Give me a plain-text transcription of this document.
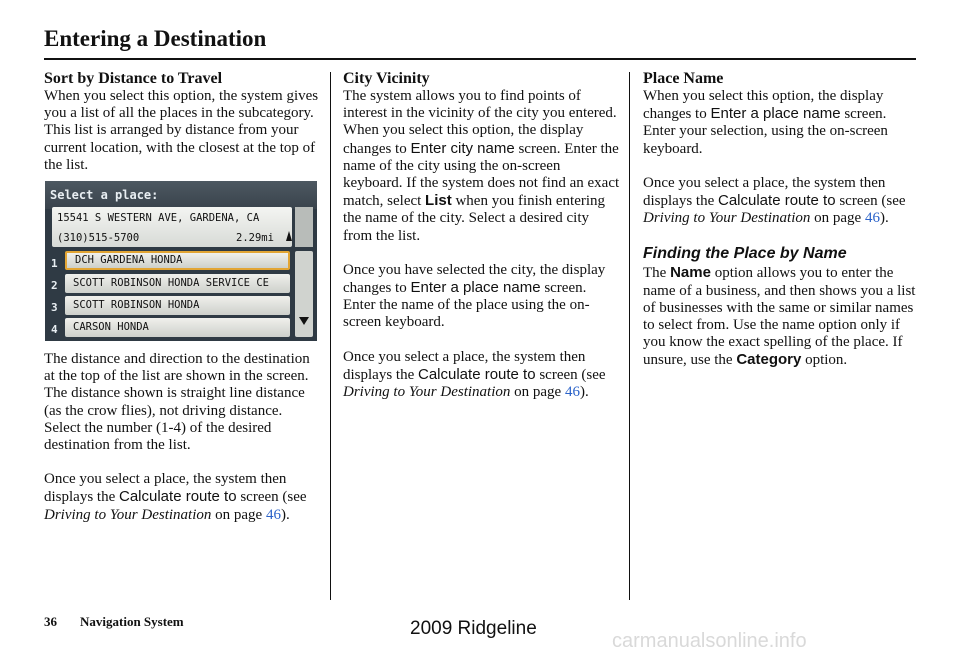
Entering a Destination
Sort by Distance to Travel

When you select this option, the system gives you a list of all the places in the subcategory. This list is arranged by distance from your current location, with the closest at the top of the list.

Select a place:
15541 S WESTERN AVE, GARDENA, CA
(310)515-5700	2.29mi
1	DCH GARDENA HONDA
2	SCOTT ROBINSON HONDA SERVICE CE
3	SCOTT ROBINSON HONDA
4	CARSON HONDA

The distance and direction to the destination at the top of the list are shown in the screen. The distance shown is straight line distance (as the crow flies), not driving distance. Select the number (1-4) of the desired destination from the list.

Once you select a place, the system then displays the Calculate route to screen (see Driving to Your Destination on page 46).

City Vicinity

The system allows you to find points of interest in the vicinity of the city you entered. When you select this option, the display changes to Enter city name screen. Enter the name of the city using the on-screen keyboard. If the system does not find an exact match, select List when you finish entering the name of the city. Select a desired city from the list.

Once you have selected the city, the display changes to Enter a place name screen. Enter the name of the place using the on-screen keyboard.

Once you select a place, the system then displays the Calculate route to screen (see Driving to Your Destination on page 46).

Place Name

When you select this option, the display changes to Enter a place name screen. Enter your selection, using the on-screen keyboard.

Once you select a place, the system then displays the Calculate route to screen (see Driving to Your Destination on page 46).

Finding the Place by Name

The Name option allows you to enter the name of a business, and then shows you a list of businesses with the same or similar names to select from. Use the name option only if you know the exact spelling of the place. If unsure, use the Category option.

36 Navigation System	2009 Ridgeline
carmanualsonline.info
